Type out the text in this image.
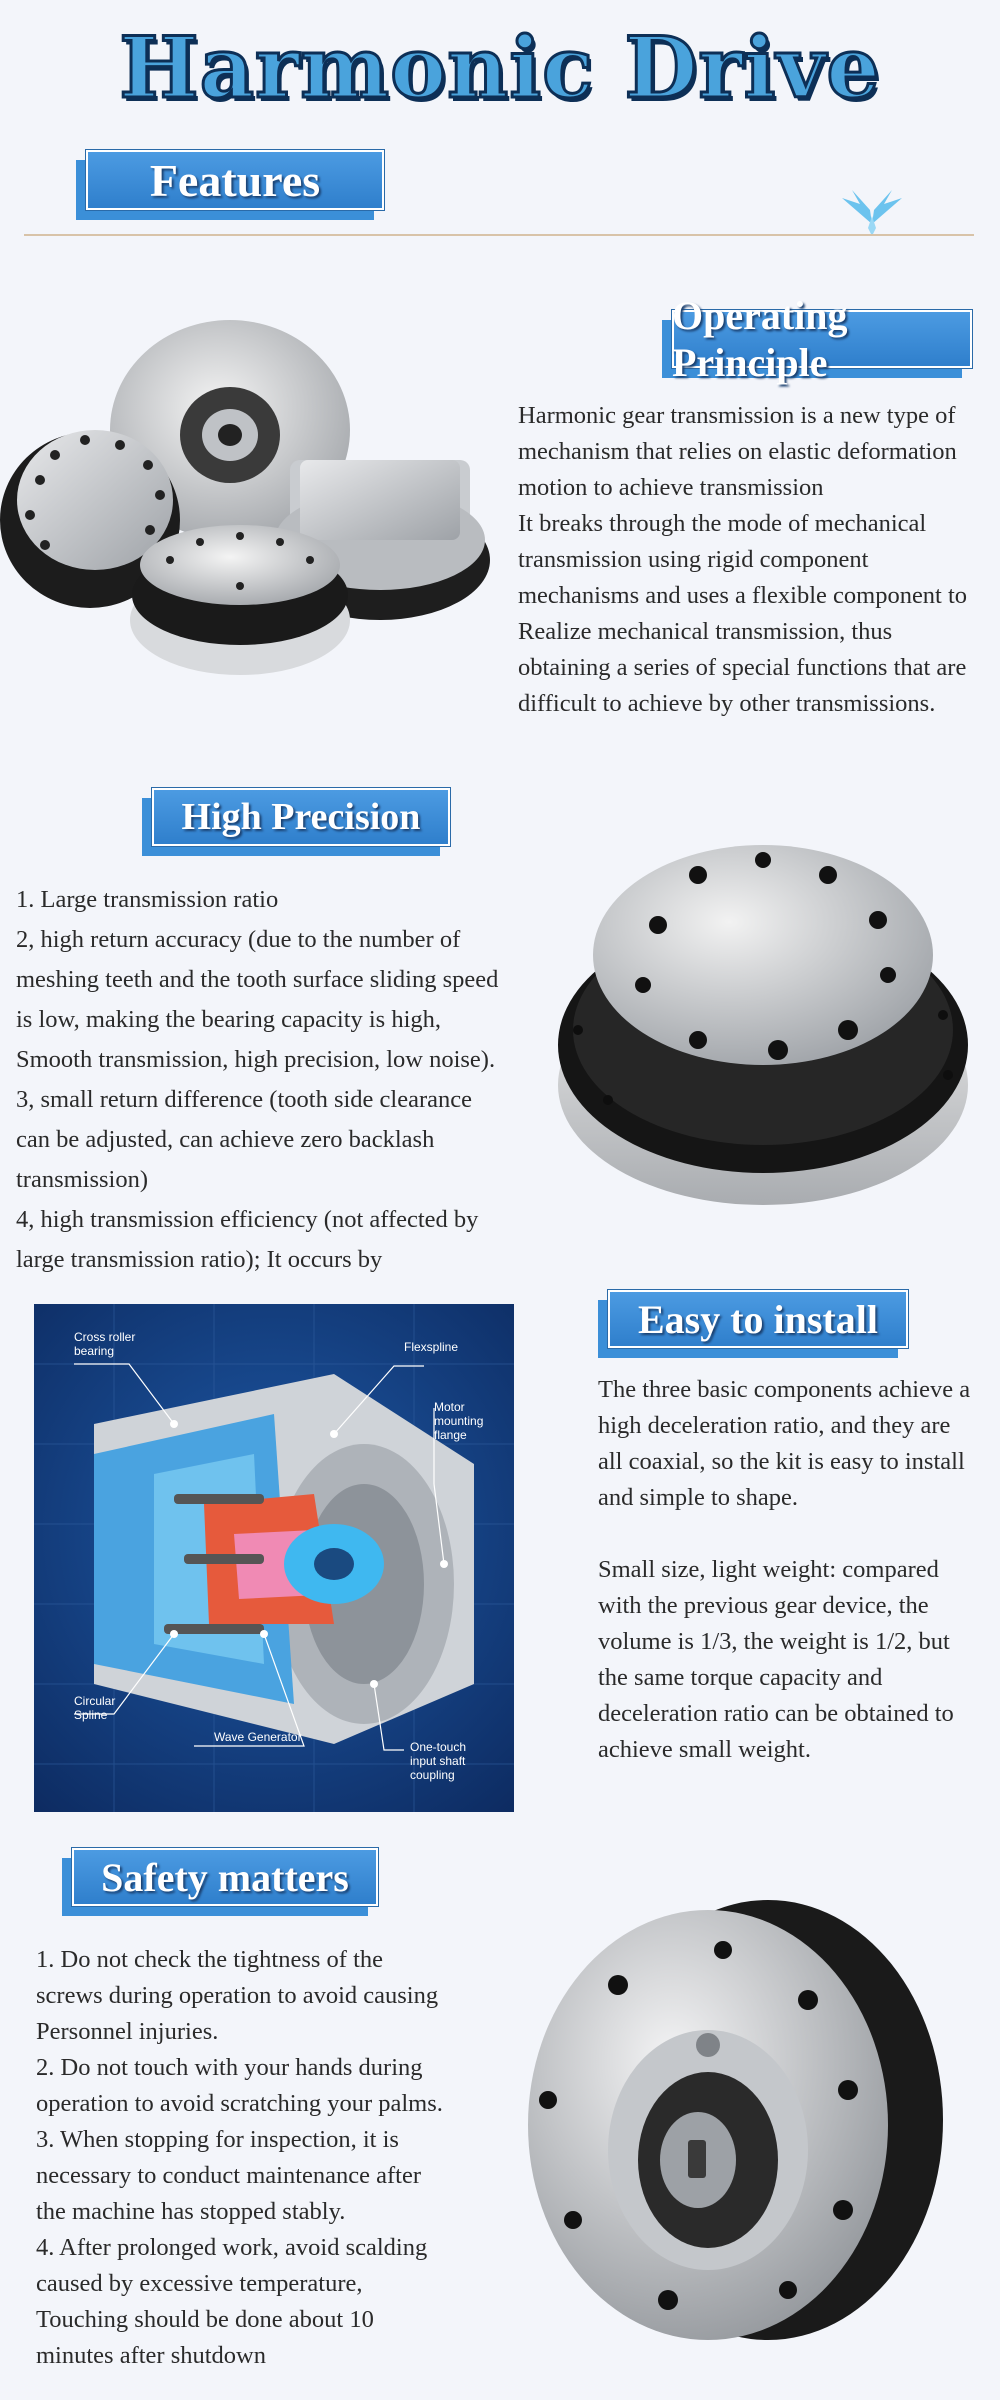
Harmonic Drive
Features
Operating Principle

Harmonic gear transmission is a new type of

mechanism that relies on elastic deformation

motion to achieve transmission

It breaks through the mode of mechanical

transmission using rigid component

mechanisms and uses a flexible component to

Realize mechanical transmission, thus

obtaining a series of special functions that are

difficult to achieve by other transmissions.

High Precision

1. Large transmission ratio

2, high return accuracy (due to the number of

meshing teeth and the tooth surface sliding speed

is low, making the bearing capacity is high,

Smooth transmission, high precision, low noise).

3, small return difference (tooth side clearance

can be adjusted, can achieve zero backlash

transmission)

4, high transmission efficiency (not affected by

large transmission ratio); It occurs by

Cross roller bearing	Flexspline
Motor mounting flange
Circular Spline
Wave Generator
One-touch input shaft coupling
Easy to install

The three basic components achieve a

high deceleration ratio, and they are

all coaxial, so the kit is easy to install

and simple to shape.

Small size, light weight: compared

with the previous gear device, the

volume is 1/3, the weight is 1/2, but

the same torque capacity and

deceleration ratio can be obtained to

achieve small weight.

Safety matters

1. Do not check the tightness of the

screws during operation to avoid causing

Personnel injuries.

2. Do not touch with your hands during

operation to avoid scratching your palms.

3. When stopping for inspection, it is

necessary to conduct maintenance after

the machine has stopped stably.

4. After prolonged work, avoid scalding

caused by excessive temperature,

Touching should be done about 10

minutes after shutdown
